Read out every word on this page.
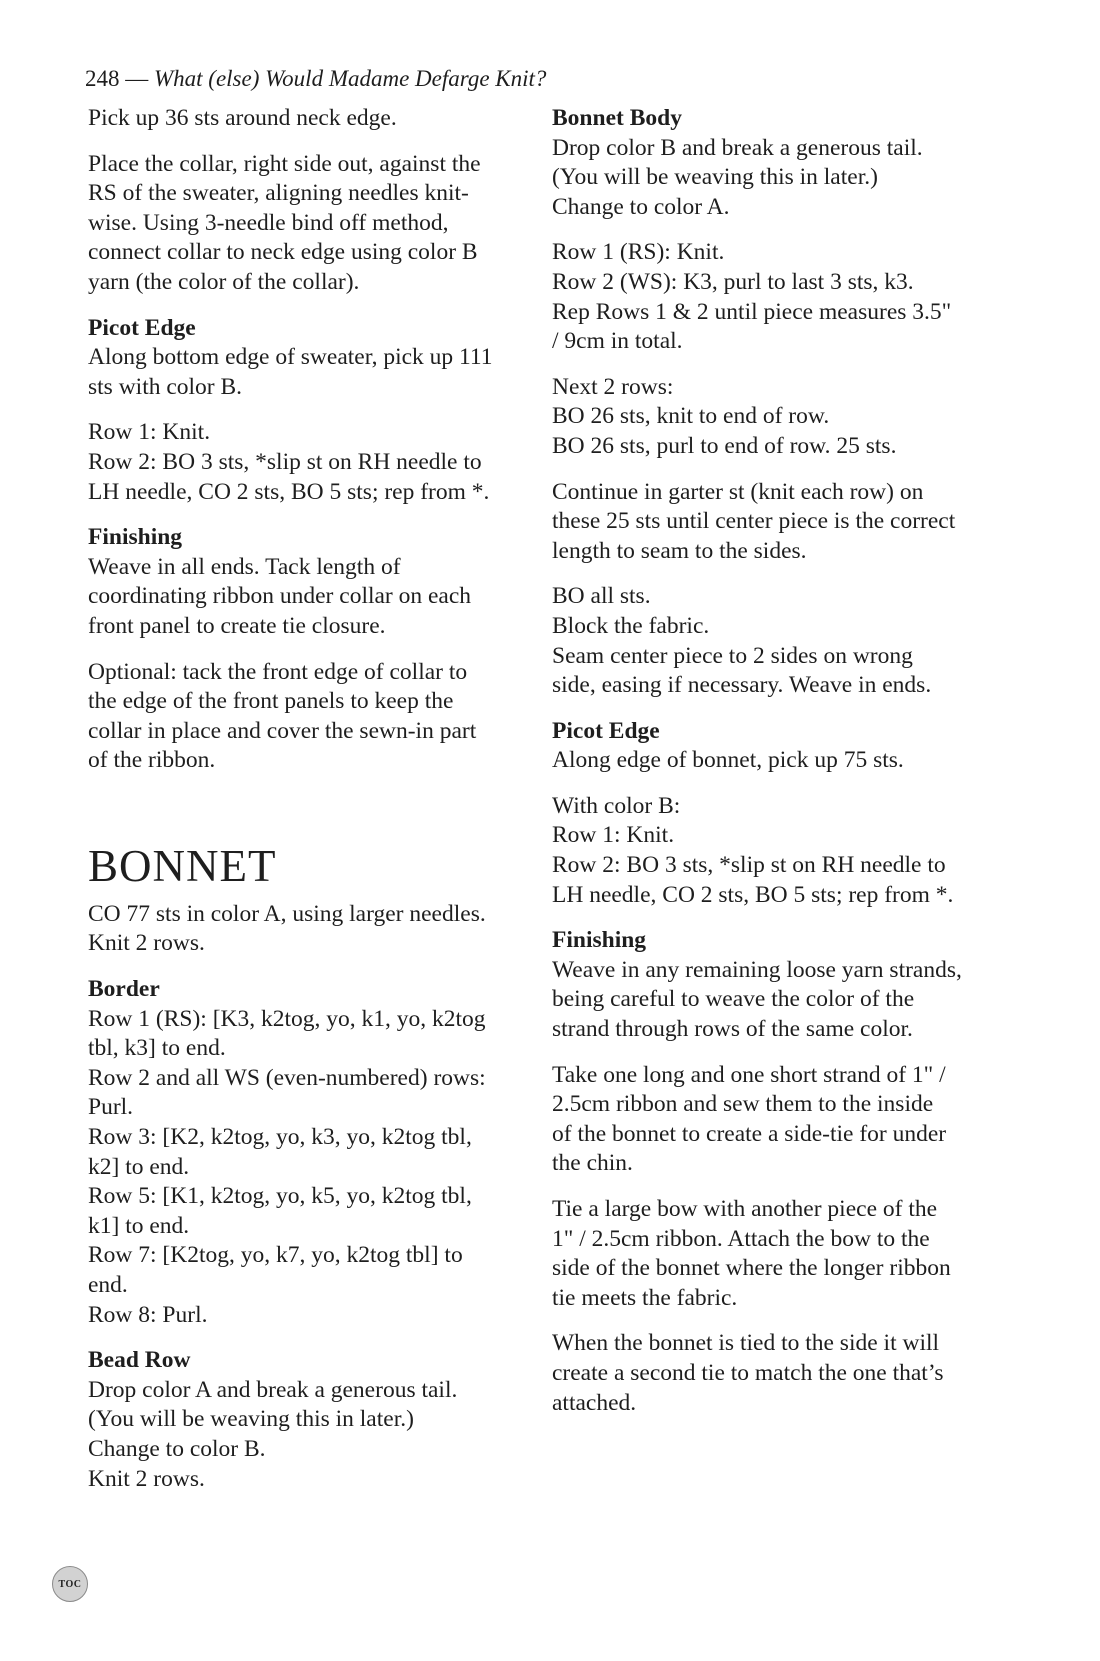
248 — What (else) Would Madame Defarge Knit?
Pick up 36 sts around neck edge.
Place the collar, right side out, against the
RS of the sweater, aligning needles knit-
wise. Using 3-needle bind off method,
connect collar to neck edge using color B
yarn (the color of the collar).
Picot Edge
Along bottom edge of sweater, pick up 111
sts with color B.
Row 1: Knit.
Row 2: BO 3 sts, *slip st on RH needle to
LH needle, CO 2 sts, BO 5 sts; rep from *.
Finishing
Weave in all ends. Tack length of
coordinating ribbon under collar on each
front panel to create tie closure.
Optional: tack the front edge of collar to
the edge of the front panels to keep the
collar in place and cover the sewn-in part
of the ribbon.
BONNET
CO 77 sts in color A, using larger needles.
Knit 2 rows.
Border
Row 1 (RS): [K3, k2tog, yo, k1, yo, k2tog
tbl, k3] to end.
Row 2 and all WS (even-numbered) rows:
Purl.
Row 3: [K2, k2tog, yo, k3, yo, k2tog tbl,
k2] to end.
Row 5: [K1, k2tog, yo, k5, yo, k2tog tbl,
k1] to end.
Row 7: [K2tog, yo, k7, yo, k2tog tbl] to
end.
Row 8: Purl.
Bead Row
Drop color A and break a generous tail.
(You will be weaving this in later.)
Change to color B.
Knit 2 rows.
Bonnet Body
Drop color B and break a generous tail.
(You will be weaving this in later.)
Change to color A.
Row 1 (RS): Knit.
Row 2 (WS): K3, purl to last 3 sts, k3.
Rep Rows 1 & 2 until piece measures 3.5"
/ 9cm in total.
Next 2 rows:
BO 26 sts, knit to end of row.
BO 26 sts, purl to end of row. 25 sts.
Continue in garter st (knit each row) on
these 25 sts until center piece is the correct
length to seam to the sides.
BO all sts.
Block the fabric.
Seam center piece to 2 sides on wrong
side, easing if necessary. Weave in ends.
Picot Edge
Along edge of bonnet, pick up 75 sts.
With color B:
Row 1: Knit.
Row 2: BO 3 sts, *slip st on RH needle to
LH needle, CO 2 sts, BO 5 sts; rep from *.
Finishing
Weave in any remaining loose yarn strands,
being careful to weave the color of the
strand through rows of the same color.
Take one long and one short strand of 1" /
2.5cm ribbon and sew them to the inside
of the bonnet to create a side-tie for under
the chin.
Tie a large bow with another piece of the
1" / 2.5cm ribbon. Attach the bow to the
side of the bonnet where the longer ribbon
tie meets the fabric.
When the bonnet is tied to the side it will
create a second tie to match the one that’s
attached.
TOC
